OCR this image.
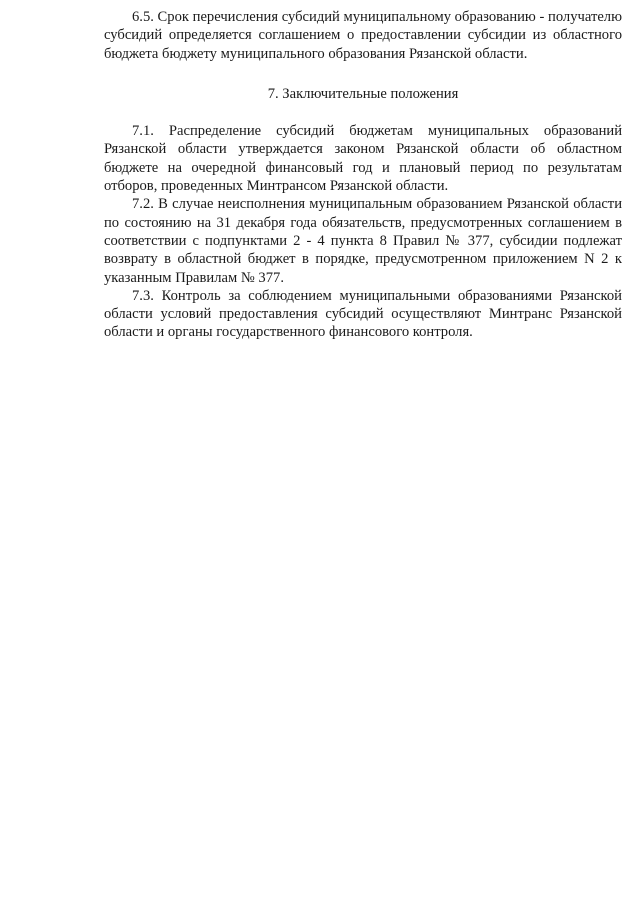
6.5. Срок перечисления субсидий муниципальному образованию - получателю субсидий определяется соглашением о предоставлении субсидии из областного бюджета бюджету муниципального образования Рязанской области.

7. Заключительные положения

7.1. Распределение субсидий бюджетам муниципальных образований Рязанской области утверждается законом Рязанской области об областном бюджете на очередной финансовый год и плановый период по результатам отборов, проведенных Минтрансом Рязанской области.

7.2. В случае неисполнения муниципальным образованием Рязанской области по состоянию на 31 декабря года обязательств, предусмотренных соглашением в соответствии с подпунктами 2 - 4 пункта 8 Правил № 377, субсидии подлежат возврату в областной бюджет в порядке, предусмотренном приложением N 2 к указанным Правилам № 377.

7.3. Контроль за соблюдением муниципальными образованиями Рязанской области условий предоставления субсидий осуществляют Минтранс Рязанской области и органы государственного финансового контроля.
